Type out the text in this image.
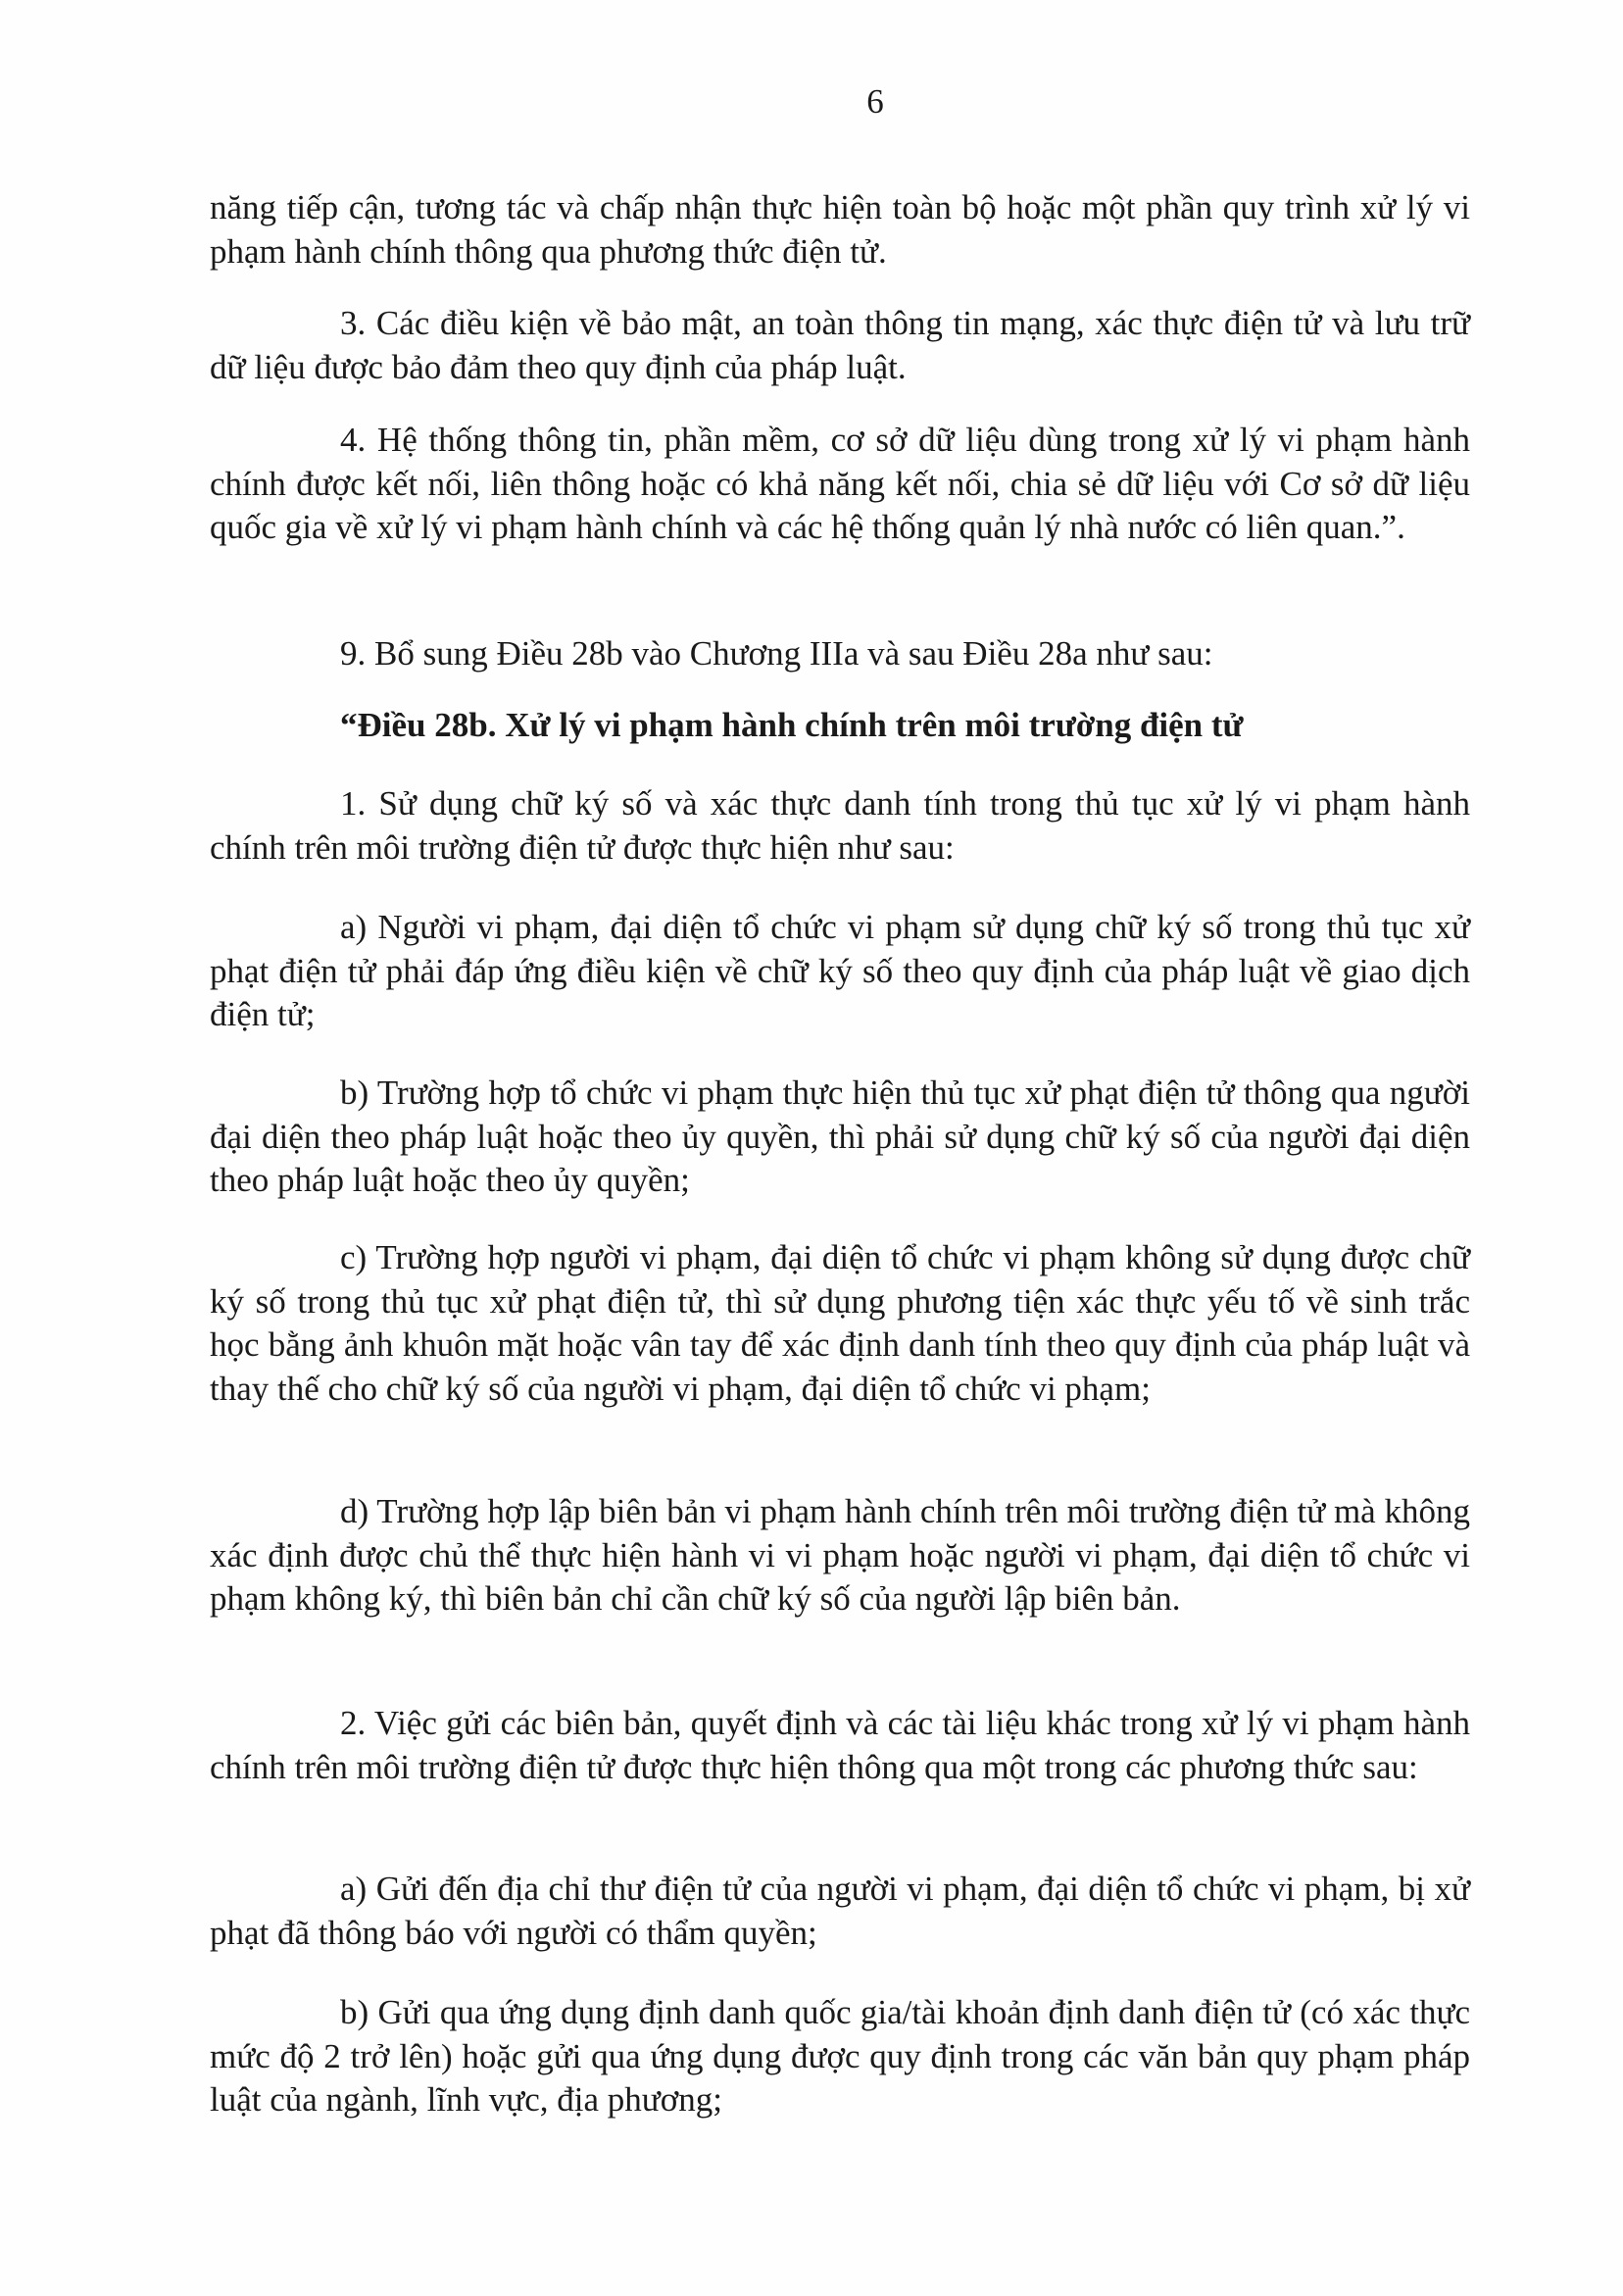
6

năng tiếp cận, tương tác và chấp nhận thực hiện toàn bộ hoặc một phần quy trình xử lý vi phạm hành chính thông qua phương thức điện tử.

3. Các điều kiện về bảo mật, an toàn thông tin mạng, xác thực điện tử và lưu trữ dữ liệu được bảo đảm theo quy định của pháp luật.

4. Hệ thống thông tin, phần mềm, cơ sở dữ liệu dùng trong xử lý vi phạm hành chính được kết nối, liên thông hoặc có khả năng kết nối, chia sẻ dữ liệu với Cơ sở dữ liệu quốc gia về xử lý vi phạm hành chính và các hệ thống quản lý nhà nước có liên quan.”.

9. Bổ sung Điều 28b vào Chương IIIa và sau Điều 28a như sau:

“Điều 28b. Xử lý vi phạm hành chính trên môi trường điện tử

1. Sử dụng chữ ký số và xác thực danh tính trong thủ tục xử lý vi phạm hành chính trên môi trường điện tử được thực hiện như sau:

a) Người vi phạm, đại diện tổ chức vi phạm sử dụng chữ ký số trong thủ tục xử phạt điện tử phải đáp ứng điều kiện về chữ ký số theo quy định của pháp luật về giao dịch điện tử;

b) Trường hợp tổ chức vi phạm thực hiện thủ tục xử phạt điện tử thông qua người đại diện theo pháp luật hoặc theo ủy quyền, thì phải sử dụng chữ ký số của người đại diện theo pháp luật hoặc theo ủy quyền;

c) Trường hợp người vi phạm, đại diện tổ chức vi phạm không sử dụng được chữ ký số trong thủ tục xử phạt điện tử, thì sử dụng phương tiện xác thực yếu tố về sinh trắc học bằng ảnh khuôn mặt hoặc vân tay để xác định danh tính theo quy định của pháp luật và thay thế cho chữ ký số của người vi phạm, đại diện tổ chức vi phạm;

d) Trường hợp lập biên bản vi phạm hành chính trên môi trường điện tử mà không xác định được chủ thể thực hiện hành vi vi phạm hoặc người vi phạm, đại diện tổ chức vi phạm không ký, thì biên bản chỉ cần chữ ký số của người lập biên bản.

2. Việc gửi các biên bản, quyết định và các tài liệu khác trong xử lý vi phạm hành chính trên môi trường điện tử được thực hiện thông qua một trong các phương thức sau:

a) Gửi đến địa chỉ thư điện tử của người vi phạm, đại diện tổ chức vi phạm, bị xử phạt đã thông báo với người có thẩm quyền;

b) Gửi qua ứng dụng định danh quốc gia/tài khoản định danh điện tử (có xác thực mức độ 2 trở lên) hoặc gửi qua ứng dụng được quy định trong các văn bản quy phạm pháp luật của ngành, lĩnh vực, địa phương;
